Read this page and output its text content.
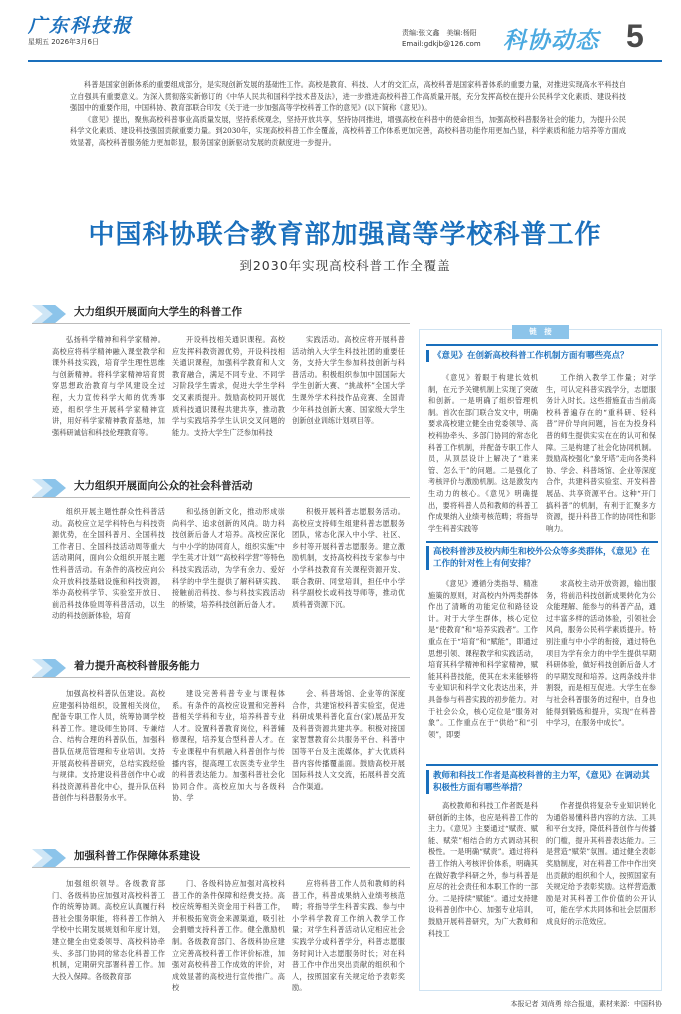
广东科技报
星期五 2026年3月6日
责编:张文鑫　美编:杨阳
Email:gdkjb@126.com 科协动态 5

科普是国家创新体系的重要组成部分，是实现创新发展的基础性工作。高校是教育、科技、人才的交汇点，高校科普是国家科普体系的重要力量，对推进实现高水平科技自立自强具有重要意义。为深入贯彻落实新修订的《中华人民共和国科学技术普及法》，进一步推进高校科普工作高质量开展，充分发挥高校在提升公民科学文化素质、建设科技强国中的重要作用，中国科协、教育部联合印发《关于进一步加强高等学校科普工作的意见》(以下简称《意见》)。

《意见》提出，聚焦高校科普事业高质量发展，坚持系统观念，坚持开放共享，坚持协同推进，增强高校在科普中的使命担当，加强高校科普服务社会的能力，为提升公民科学文化素质、建设科技强国贡献重要力量。到2030年，实现高校科普工作全覆盖，高校科普工作体系更加完善，高校科普功能作用更加凸显，科学素质和能力培养等方面成效显著，高校科普服务能力更加彰显，服务国家创新驱动发展的贡献度进一步提升。

中国科协联合教育部加强高等学校科普工作
到2030年实现高校科普工作全覆盖
大力组织开展面向大学生的科普工作

弘扬科学精神和科学家精神。高校应将科学精神融入课堂教学和课外科技实践，培育学生理性思维与创新精神。将科学家精神培育贯穿思想政治教育与学风建设全过程，大力宣传科学大师的优秀事迹，组织学生开展科学家精神宣讲，用好科学家精神教育基地，加强科研诚信和科技伦理教育等。

开设科技相关通识课程。高校应发挥科教资源优势，开设科技相关通识课程，加强科学教育和人文教育融合，满足不同专业、不同学习阶段学生需求，促进大学生学科交叉素质提升。鼓励高校同开展优质科技通识课程共建共享，推动教学与实践培养学生认识交叉问题的能力。支持大学生广泛参加科技

实践活动。高校应将开展科普活动纳入大学生科技社团的重要任务，支持大学生参加科技创新与科普活动。积极组织参加中国国际大学生创新大赛、“挑战杯”全国大学生课外学术科技作品竞赛、全国青少年科技创新大赛、国家级大学生创新创业训练计划项目等。

大力组织开展面向公众的社会科普活动

组织开展主题性群众性科普活动。高校应立足学科特色与科技资源优势，在全国科普月、全国科技工作者日、全国科技活动周等重大活动期间，面向公众组织开展主题性科普活动。有条件的高校应向公众开放科技基础设施和科技资源，举办高校科学节、实验室开放日、前沿科技体验周等科普活动，以生动的科技创新体验，培育

和弘扬创新文化，推动形成崇尚科学、追求创新的风尚。助力科技创新后备人才培养。高校应深化与中小学的协同育人，组织实施“中学生英才计划”“高校科学营”等特色科技实践活动，为学有余力、爱好科学的中学生提供了解科研实践、接触前沿科技、参与科技实践活动的桥梁，培养科技创新后备人才。

积极开展科普志愿服务活动。高校应支持师生组建科普志愿服务团队，常态化深入中小学、社区、乡村等开展科普志愿服务。建立激励机制，支持高校科技专家参与中小学科技教育有关课程资源开发、联合教研、同堂培训，担任中小学科学副校长或科技导师等，推动优质科普资源下沉。

着力提升高校科普服务能力

加强高校科普队伍建设。高校应建强科协组织，设置相关岗位，配备专职工作人员，统筹协调学校科普工作。建设师生协同、专兼结合、结构合理的科普队伍，加强科普队伍规范管理和专业培训。支持开展高校科普研究，总结实践经验与规律。支持建设科普创作中心或科技资源科普化中心，提升队伍科普创作与科普服务水平。

建设完善科普专业与课程体系。有条件的高校应设置和完善科普相关学科和专业，培养科普专业人才。设置科普教育岗位，科普辅修课程，培养复合型科普人才。在专业课程中有机融入科普创作与传播内容，提高理工农医类专业学生的科普表达能力。加强科普社会化协同合作。高校应加大与各级科协、学

会、科普场馆、企业等的深度合作，共建馆校科普实验室，促进科研成果科普化直台(家)展品开发及科普资源共建共享。积极对接国家智慧教育公共服务平台、科普中国等平台及主流媒体，扩大优质科普内容传播覆盖面。鼓励高校开展国际科技人文交流，拓展科普交流合作渠道。

加强科普工作保障体系建设

加强组织领导。各级教育部门、各级科协应加强对高校科普工作的统筹协调。高校应认真履行科普社会服务职能，将科普工作纳入学校中长期发展规划和年度计划，建立健全由党委领导、高校科协牵头、多部门协同的常态化科普工作机制，定期研究部署科普工作。加大投入保障。各级教育部

门、各级科协应加强对高校科普工作的条件保障和经费支持。高校应统筹相关资金用于科普工作，并积极拓宽资金来源渠道，吸引社会捐赠支持科普工作。健全激励机制。各级教育部门、各级科协应建立完善高校科普工作评价标准，加强对高校科普工作成效的评价，对成效显著的高校进行宣传推广。高校

应将科普工作人员和教师的科普工作，科普成果纳入业绩考核范畴；将指导学生科普实践、参与中小学科学教育工作纳入教学工作量；对学生科普活动认定相应社会实践学分或科普学分，科普志愿服务时间计入志愿服务时长；对在科普工作中作出突出贡献的组织和个人，按照国家有关规定给予表彰奖励。

链　接
《意见》在创新高校科普工作机制方面有哪些亮点？

《意见》着眼于构建长效机制，在元予关键机制上实现了突破和创新。一是明确了组织管理机制。首次在部门联合发文中，明确要求高校建立健全由党委领导、高校科协牵头、多部门协同的常态化科普工作机制，并配备专职工作人员，从顶层设计上解决了“谁来管、怎么干”的问题。二是强化了考核评价与激励机制。这是激发内生动力的核心。《意见》明确提出，要将科普人员和教师的科普工作成果纳入业绩考核范畴；将指导学生科普实践等

工作纳入教学工作量；对学生，可认定科普实践学分，志愿服务计入时长。这些措施直击当前高校科普遍存在的“重科研、轻科普”评价导向问题，旨在为投身科普的师生提供实实在在的认可和保障。三是构建了社会化协同机制。鼓励高校强化“象牙塔”走向各类科协、学会、科普场馆、企业等深度合作，共建科普实验室、开发科普展品、共享资源平台。这种“开门搞科普”的机制，有利于汇聚多方资源，提升科普工作的协同性和影响力。

高校科普涉及校内师生和校外公众等多类群体，《意见》在工作的针对性上有何安排？

《意见》遵循分类指导、精准施策的原则，对高校内外两类群体作出了清晰的功能定位和路径设计。对于大学生群体，核心定位是“使教育”和“培养实践者”。工作重点在于“培育”和“赋能”，即通过思想引领、课程教学和实践活动，培育其科学精神和科学家精神，赋能其科普技能，使其在未来能够将专业知识和科学文化表达出来，并具备参与科普实践的初步能力。对于社会公众，核心定位是“服务对象”。工作重点在于“供给”和“引领”，即要

求高校主动开放资源，输出服务，将前沿科技创新成果转化为公众能理解、能参与的科普产品，通过丰富多样的活动体验，引领社会风尚，服务公民科学素质提升。特别注重与中小学的衔接，通过特色项目为学有余力的中学生提供早期科研体验，做好科技创新后备人才的早期发现和培养。这两条线并非割裂，而是相互促进。大学生在参与社会科普服务的过程中，自身也能得到锻炼和提升，实现“在科普中学习，在服务中成长”。

教师和科技工作者是高校科普的主力军，《意见》在调动其积极性方面有哪些举措？

高校教师和科技工作者既是科研创新的主体，也应是科普工作的主力。《意见》主要通过“赋责、赋能、赋荣”相结合的方式调动其积极性。一是明确“赋责”。通过将科普工作纳入考核评价体系，明确其在做好教学科研之外，参与科普是应尽的社会责任和本职工作的一部分。二是持续“赋能”。通过支持建设科普创作中心、加强专业培训，鼓励开展科普研究，为广大教师和科技工

作者提供将复杂专业知识转化为通俗易懂科普内容的方法、工具和平台支持，降低科普创作与传播的门槛，提升其科普表达能力。三是营造“赋荣”氛围。通过健全表彰奖励制度，对在科普工作中作出突出贡献的组织和个人，按照国家有关规定给予表彰奖励。这样营造激励是对其科普工作价值的公开认可，能在学术共同体和社会层面形成良好的示范效应。

本报记者 刘尚勇 综合报道，素材来源：中国科协
